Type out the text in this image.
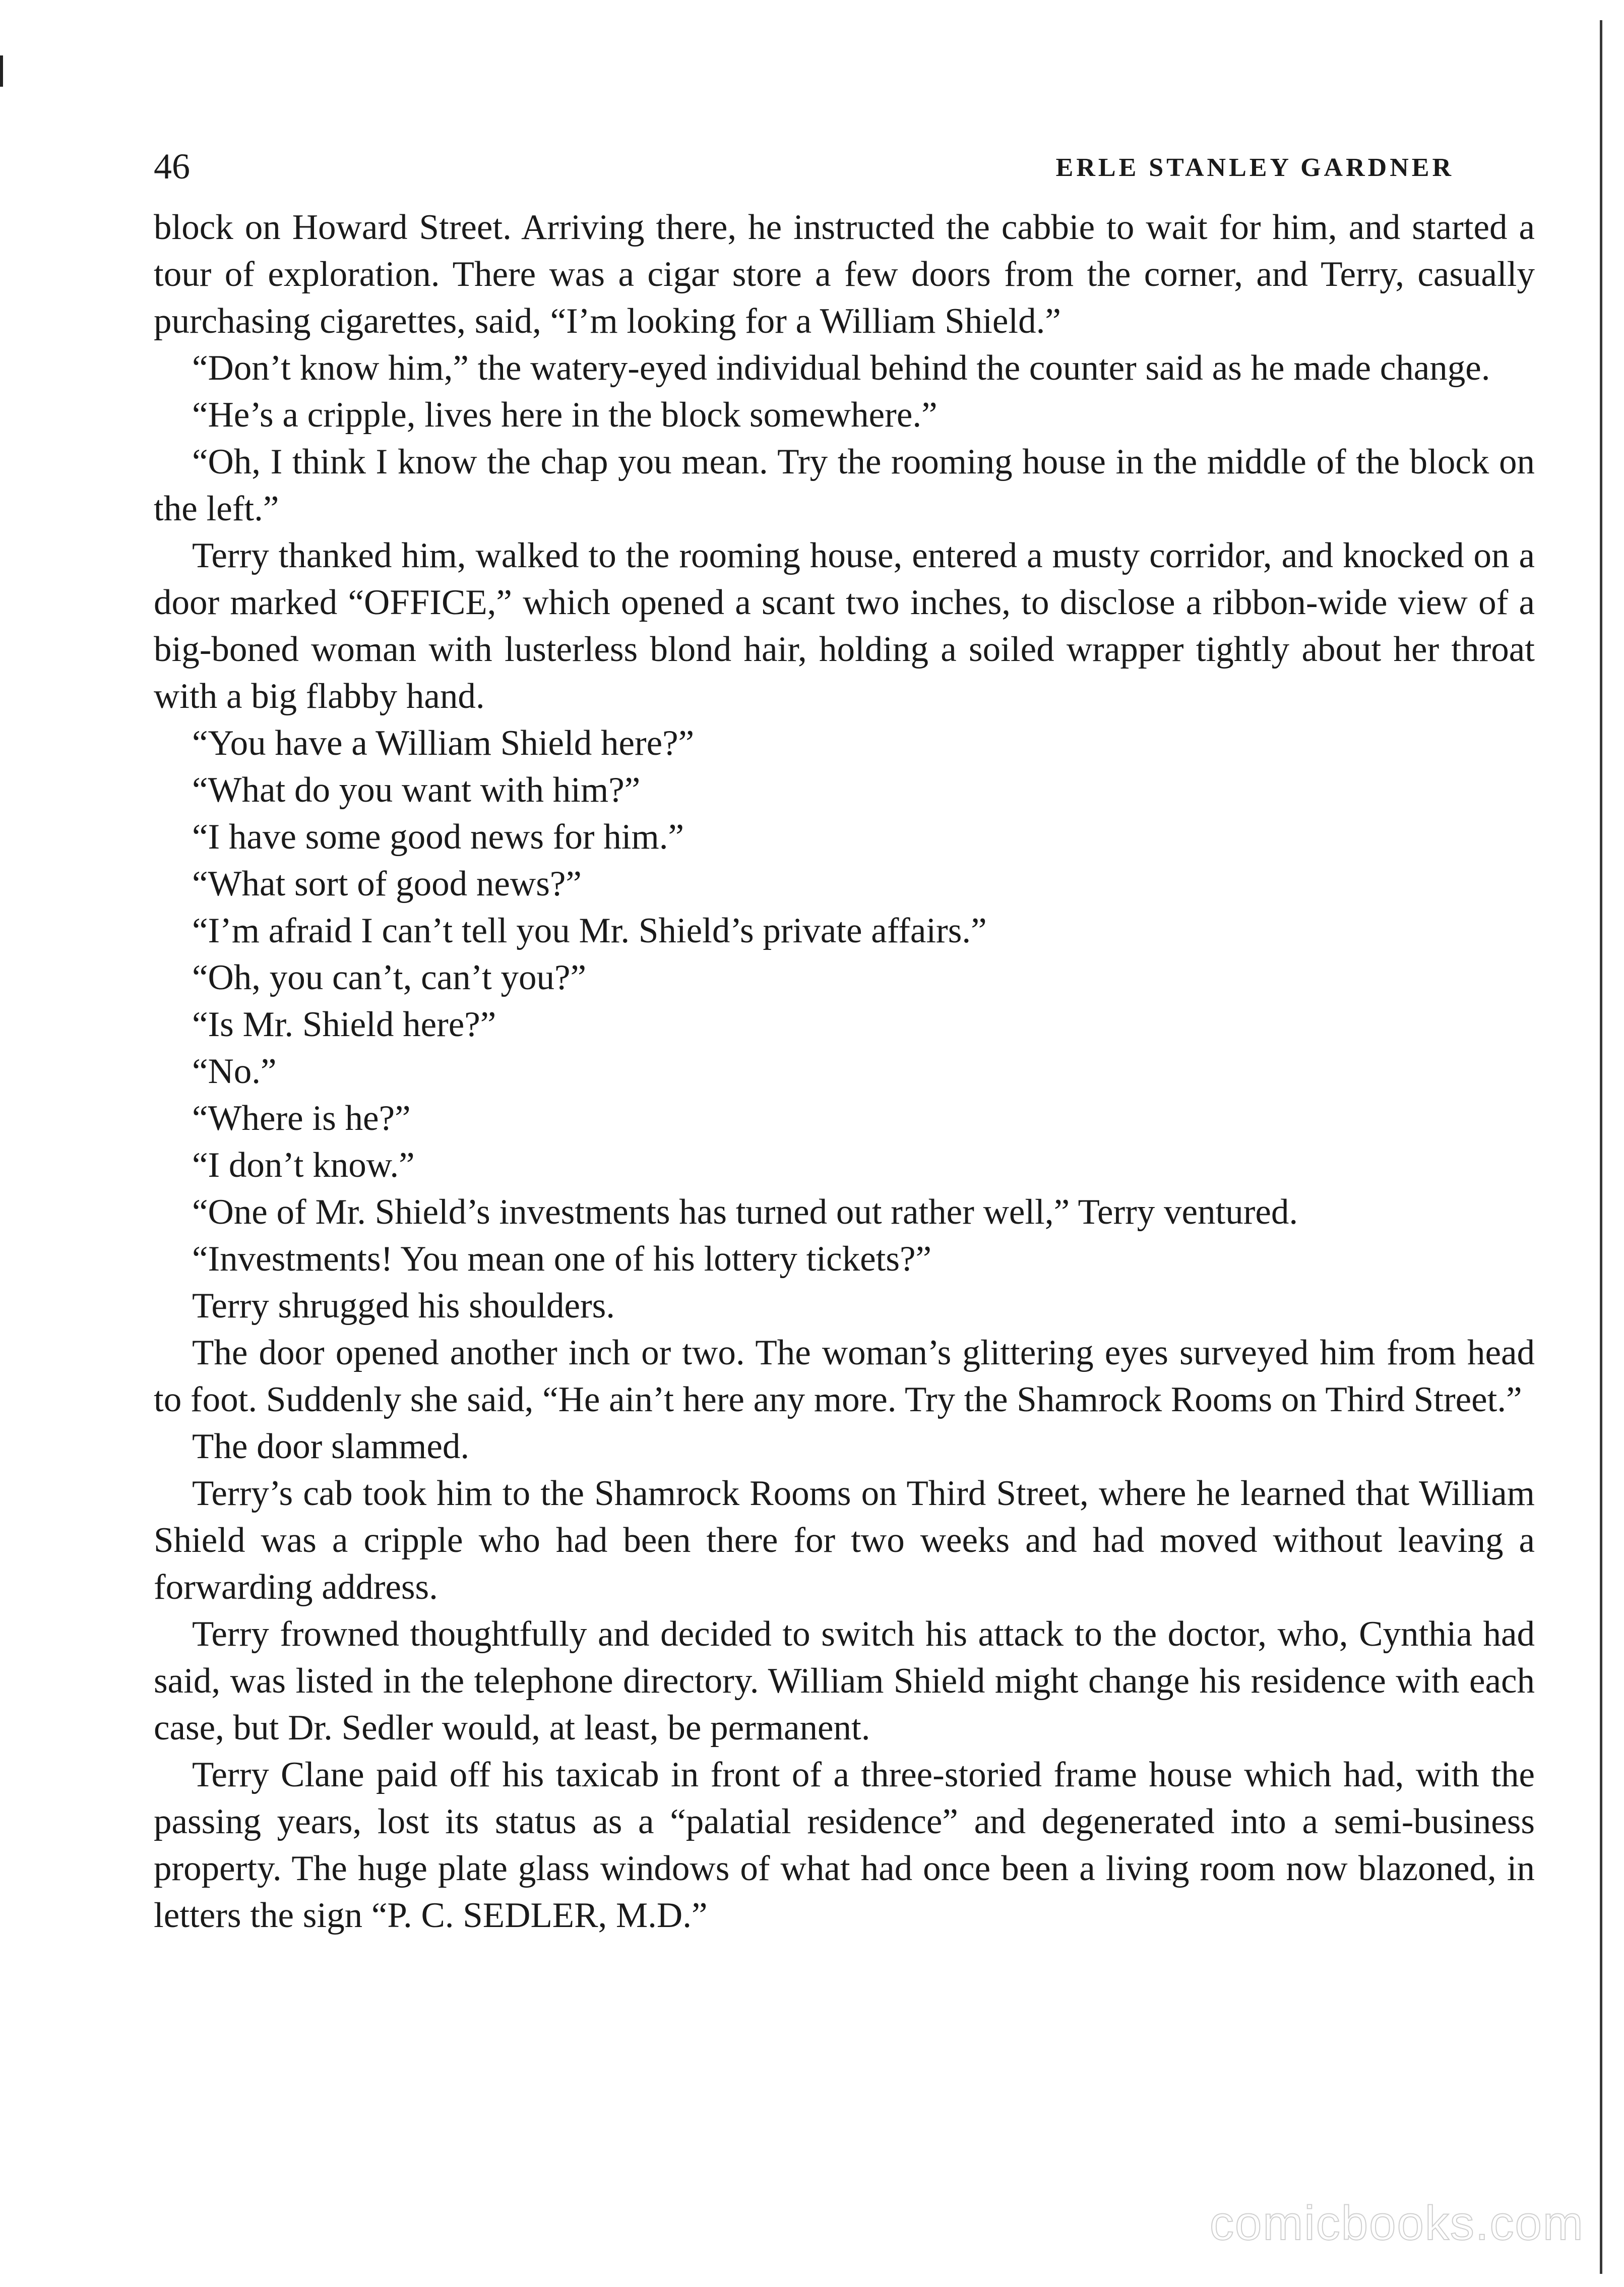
46	ERLE STANLEY GARDNER

block on Howard Street. Arriving there, he instructed the cabbie to wait for him, and started a tour of exploration. There was a cigar store a few doors from the corner, and Terry, casually purchasing cigarettes, said, “I’m looking for a William Shield.”

“Don’t know him,” the watery-eyed individual behind the counter said as he made change.

“He’s a cripple, lives here in the block somewhere.”

“Oh, I think I know the chap you mean. Try the rooming house in the middle of the block on the left.”

Terry thanked him, walked to the rooming house, entered a musty corridor, and knocked on a door marked “OFFICE,” which opened a scant two inches, to disclose a ribbon-wide view of a big-boned woman with lusterless blond hair, holding a soiled wrapper tightly about her throat with a big flabby hand.

“You have a William Shield here?”

“What do you want with him?”

“I have some good news for him.”

“What sort of good news?”

“I’m afraid I can’t tell you Mr. Shield’s private affairs.”

“Oh, you can’t, can’t you?”

“Is Mr. Shield here?”

“No.”

“Where is he?”

“I don’t know.”

“One of Mr. Shield’s investments has turned out rather well,” Terry ventured.

“Investments! You mean one of his lottery tickets?”

Terry shrugged his shoulders.

The door opened another inch or two. The woman’s glittering eyes surveyed him from head to foot. Suddenly she said, “He ain’t here any more. Try the Shamrock Rooms on Third Street.”

The door slammed.

Terry’s cab took him to the Shamrock Rooms on Third Street, where he learned that William Shield was a cripple who had been there for two weeks and had moved without leaving a forwarding address.

Terry frowned thoughtfully and decided to switch his attack to the doctor, who, Cynthia had said, was listed in the telephone directory. William Shield might change his residence with each case, but Dr. Sedler would, at least, be permanent.

Terry Clane paid off his taxicab in front of a three-storied frame house which had, with the passing years, lost its status as a “palatial residence” and degenerated into a semi-business property. The huge plate glass windows of what had once been a living room now blazoned, in letters the sign “P. C. SEDLER, M.D.”

comicbooks.com
